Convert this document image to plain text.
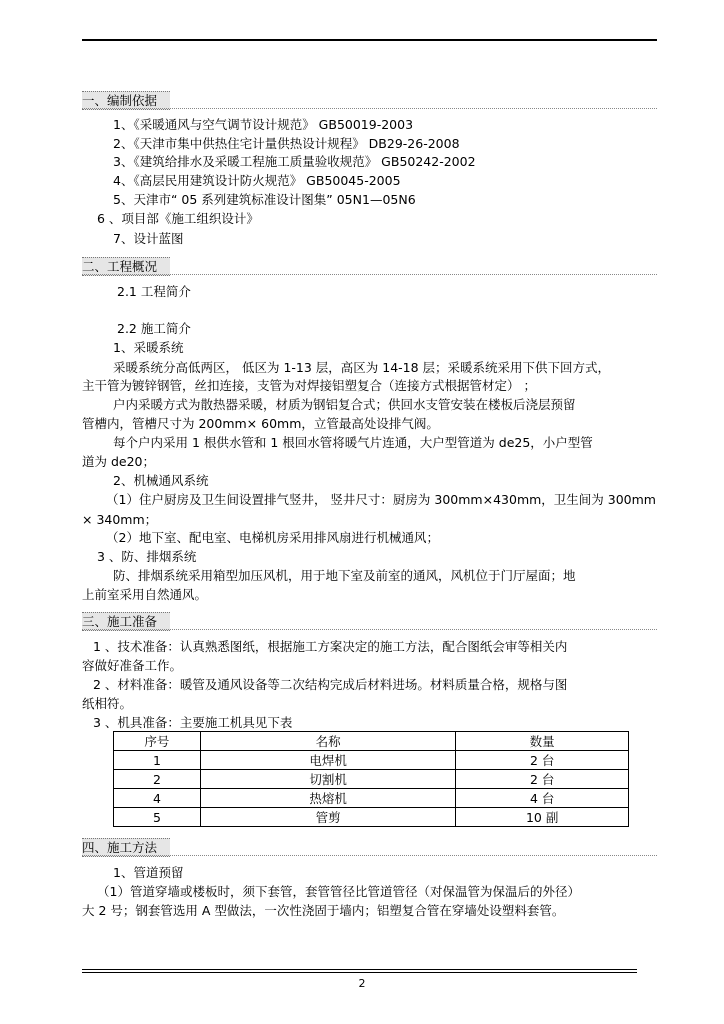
一、编制依据
1、《采暖通风与空气调节设计规范》 GB50019-2003
2、《天津市集中供热住宅计量供热设计规程》 DB29-26-2008
3、《建筑给排水及采暖工程施工质量验收规范》 GB50242-2002
4、《高层民用建筑设计防火规范》 GB50045-2005
5、天津市“ 05 系列建筑标准设计图集” 05N1—05N6
6 、项目部《施工组织设计》
7、设计蓝图
二、工程概况
2.1 工程简介
2.2 施工简介
1、采暖系统
采暖系统分高低两区， 低区为 1-13 层，高区为 14-18 层；采暖系统采用下供下回方式，
主干管为镀锌钢管，丝扣连接，支管为对焊接铝塑复合（连接方式根据管材定） ；
户内采暖方式为散热器采暖，材质为钢铝复合式；供回水支管安装在楼板后浇层预留
管槽内，管槽尺寸为 200mm× 60mm，立管最高处设排气阀。
每个户内采用 1 根供水管和 1 根回水管将暖气片连通，大户型管道为 de25，小户型管
道为 de20；
2、机械通风系统
（1）住户厨房及卫生间设置排气竖井， 竖井尺寸：厨房为 300mm×430mm，卫生间为 300mm
× 340mm；
（2）地下室、配电室、电梯机房采用排风扇进行机械通风；
3 、防、排烟系统
防、排烟系统采用箱型加压风机，用于地下室及前室的通风，风机位于门厅屋面；地
上前室采用自然通风。
三、施工准备
1 、技术准备：认真熟悉图纸，根据施工方案决定的施工方法，配合图纸会审等相关内
容做好准备工作。
2 、材料准备：暖管及通风设备等二次结构完成后材料进场。材料质量合格，规格与图
纸相符。
3 、机具准备：主要施工机具见下表
序号	名称	数量
1	电焊机	2 台
2	切割机	2 台
4	热熔机	4 台
5	管剪	10 副
四、施工方法
1、管道预留
（1）管道穿墙或楼板时，须下套管，套管管径比管道管径（对保温管为保温后的外径）
大 2 号；钢套管选用 A 型做法，一次性浇固于墙内；铝塑复合管在穿墙处设塑料套管。
2
